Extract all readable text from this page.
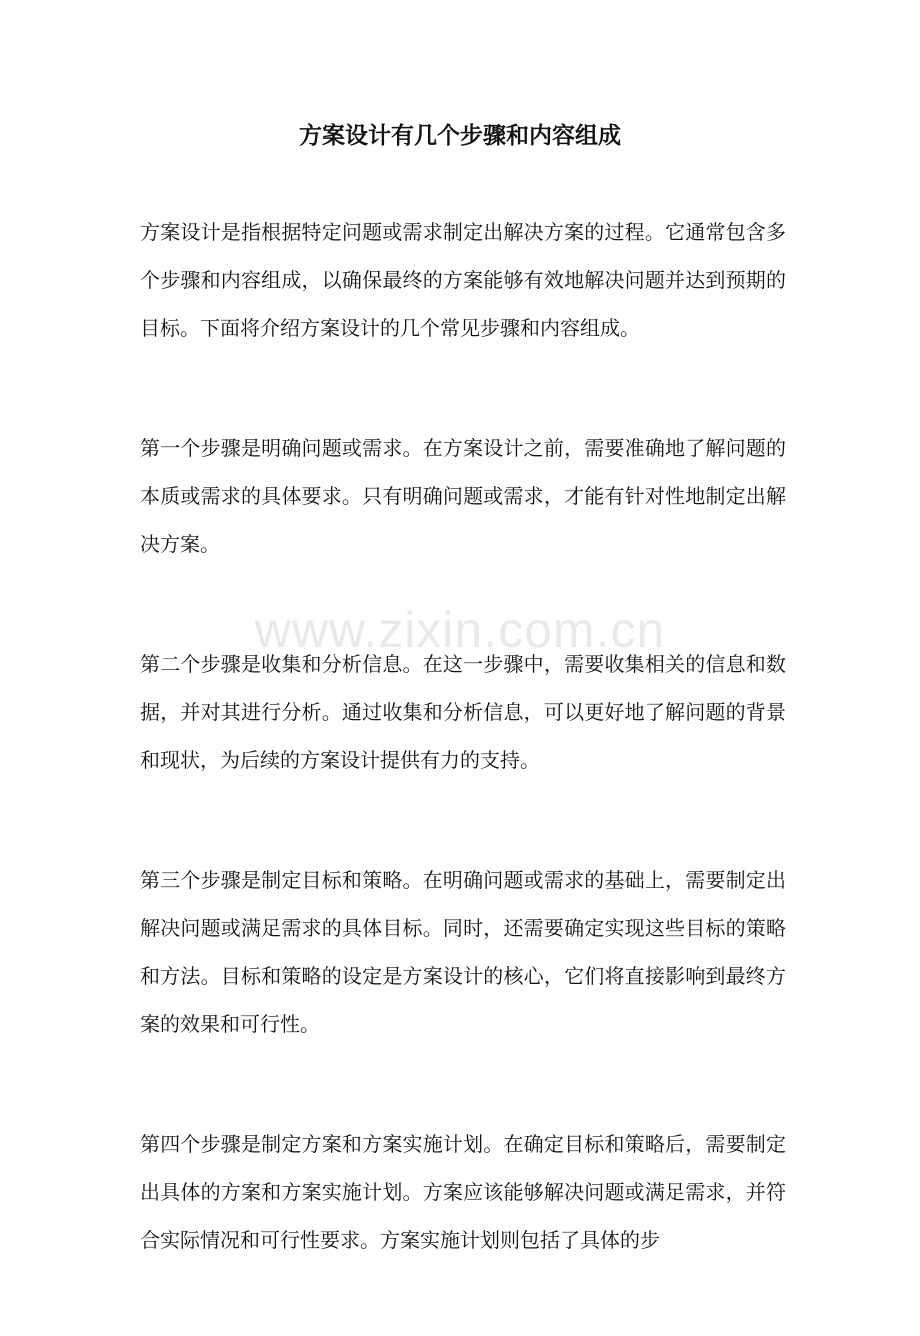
方案设计有几个步骤和内容组成

方案设计是指根据特定问题或需求制定出解决方案的过程。它通常包含多个步骤和内容组成，以确保最终的方案能够有效地解决问题并达到预期的目标。下面将介绍方案设计的几个常见步骤和内容组成。

第一个步骤是明确问题或需求。在方案设计之前，需要准确地了解问题的本质或需求的具体要求。只有明确问题或需求，才能有针对性地制定出解决方案。

第二个步骤是收集和分析信息。在这一步骤中，需要收集相关的信息和数据，并对其进行分析。通过收集和分析信息，可以更好地了解问题的背景和现状，为后续的方案设计提供有力的支持。

第三个步骤是制定目标和策略。在明确问题或需求的基础上，需要制定出解决问题或满足需求的具体目标。同时，还需要确定实现这些目标的策略和方法。目标和策略的设定是方案设计的核心，它们将直接影响到最终方案的效果和可行性。

第四个步骤是制定方案和方案实施计划。在确定目标和策略后，需要制定出具体的方案和方案实施计划。方案应该能够解决问题或满足需求，并符合实际情况和可行性要求。方案实施计划则包括了具体的步

www.zixin.com.cn
